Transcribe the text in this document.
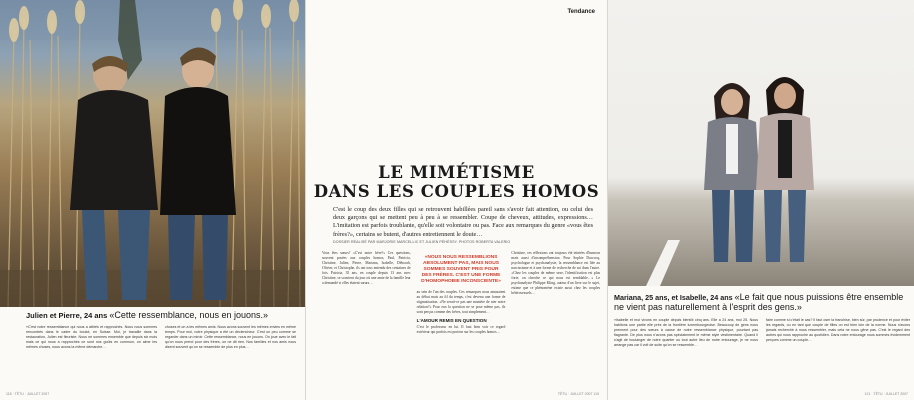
Julien et Pierre, 24 ans «Cette ressemblance, nous en jouons.»

«C'est notre ressemblance qui nous a attirés et rapprochés. Nous nous sommes rencontrés dans le cadre du boulot, en Suisse. Moi, je travaille dans la restauration, Julien est fleuriste. Nous ne sommes ensemble que depuis six mois mais ce qui nous a rapprochés ce sont nos goûts en commun, on aime les mêmes choses, nous avons la même démarche…

choses et on a les mêmes amis. Nous avons souvent les mêmes envies en même temps. Pour moi, notre physique a été un déclencheur. C'est un peu comme se regarder dans un miroir. Cette ressemblance, nous en jouons. On joue avec le fait qu'on nous prend pour des frères, on ne dit rien. Nos familles et nos amis nous disent souvent qu'on se ressemble de plus en plus…

118 · TÊTU · JUILLET 2007
Tendance
LE MIMÉTISME
DANS LES COUPLES HOMOS

C'est le coup des deux filles qui se retrouvent habillées pareil sans s'avoir fait attention, ou celui des deux garçons qui se mettent peu à peu à se ressembler. Coupe de cheveux, attitudes, expressions… L'imitation est parfois troublante, qu'elle soit volontaire ou pas. Face aux remarques du genre «vous êtes frères?», certains se butent, d'autres entretiennent le doute…

DOSSIER RÉALISÉ PAR MARJORIE MARCELLIC ET JULIEN PÉHÉSSY. PHOTOS ROBERTA VALERIO

Vous êtes sœurs? «C'est notre frère?» Ces questions, souvent posées aux couples homos, Paul, Patricia, Christine, Julien, Pierre, Mariana, Isabelle, Déborah, Olivier, et Christophe, ils ont tous entendu des centaines de fois. Patricia, 35 ans, en couple depuis 13 ans avec Christine, se souvient du jour où une amie de la famille leur a demandé si elles étaient sœurs…

«NOUS NOUS RESSEMBLIONS ABSOLUMENT PAS, MAIS NOUS SOMMES SOUVENT PRIS POUR DES FRÈRES. C'EST UNE FORME D'HOMOPHOBIE INCONSCIENTE»

au sein de l'un des couples. Ces remarques nous amusaient au début mais au fil du temps, c'est devenu une forme de stigmatisation. «Ne serait-ce pas une manière de nier notre relation?» Pour eux la question ne se pose même pas, ils sont perçus comme des frères, tout simplement…

L'AMOUR REMIS EN QUESTION

C'est le professeur en lui. Il faut bien voir ce regard extérieur qui parfois est porteur sur les couples homos…

Christine, ces réflexions ont toujours été teintées d'humour mais aussi d'incompréhension. Pour Sophie Ducrocq, psychologue et psychanalyste, la ressemblance est liée au narcissisme et à une forme de recherche de soi dans l'autre. «Chez les couples de même sexe, l'identification est plus forte, on cherche ce qui nous est semblable…» Le psychanalyste Philippe Kling, auteur d'un livre sur le sujet, estime que ce phénomène existe aussi chez les couples hétérosexuels…

TÊTU · JUILLET 2007 119
Mariana, 25 ans, et Isabelle, 24 ans «Le fait que nous puissions être ensemble ne vient pas naturellement à l'esprit des gens.»

«Isabelle et moi vivons en couple depuis bientôt cinq ans. Elle a 24 ans, moi 25. Nous habitons une partie elle près de la frontière luxembourgeoise. Beaucoup de gens nous prennent pour des sœurs à cause de notre ressemblance physique, pourtant pas flagrante. De plus nous n'avons pas spécialement le même style vestimentaire. Quand il s'agit de boulanger de notre quartier ou tout autre lieu de notre entourage, je ne nous arrange pas car il voit de suite qu'on se ressemble…

faire comme si c'était le cas? Il faut oser la franchise, bien sûr, par prudence et pour éviter les regards, ou en tant que couple de filles on est bien loin de la norme. Nous n'avons jamais recherché à nous ressembler, mais cela ne nous gêne pas. C'est le regard des autres qui nous rapproche au quotidien. Dans notre entourage nous sommes évidemment perçues comme un couple…

121 · TÊTU · JUILLET 2007
